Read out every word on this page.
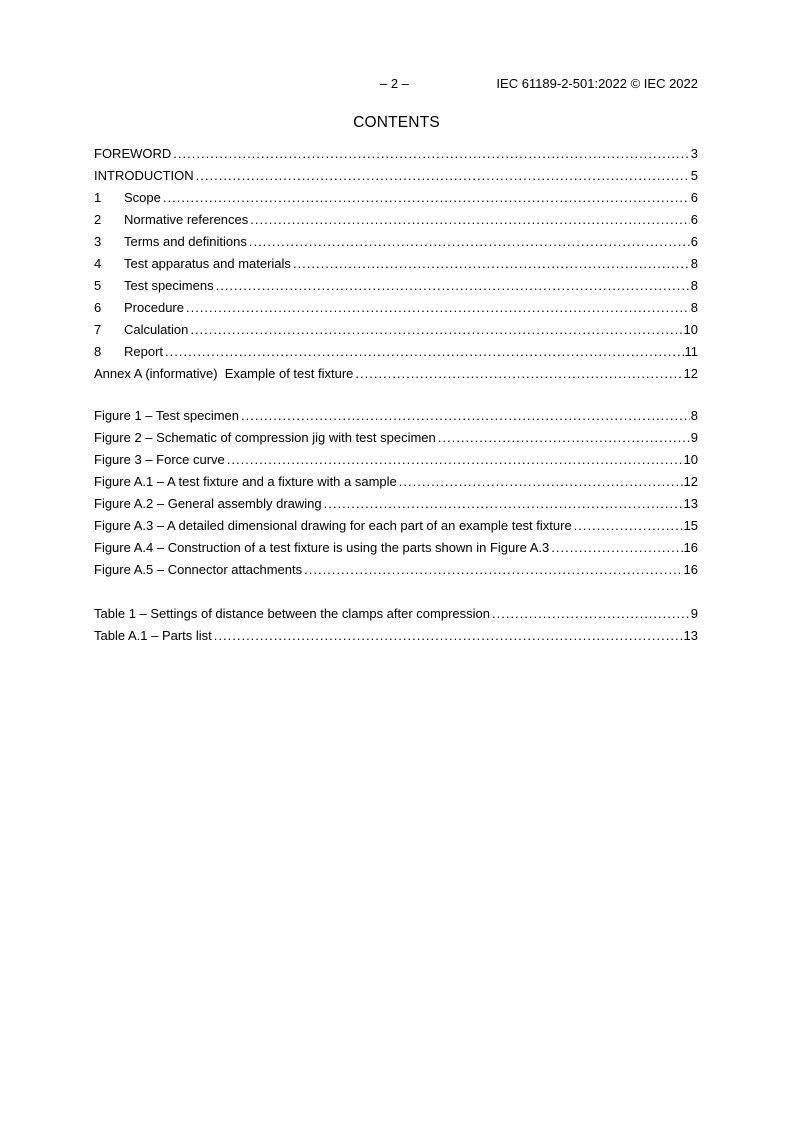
– 2 –	IEC 61189-2-501:2022 © IEC 2022
CONTENTS
FOREWORD .....	3
INTRODUCTION .....	5
1	Scope .....	6
2	Normative references .....	6
3	Terms and definitions .....	6
4	Test apparatus and materials .....	8
5	Test specimens .....	8
6	Procedure .....	8
7	Calculation .....	10
8	Report .....	11
Annex A (informative)  Example of test fixture .....	12
Figure 1 – Test specimen .....	8
Figure 2 – Schematic of compression jig with test specimen .....	9
Figure 3 – Force curve .....	10
Figure A.1 – A test fixture and a fixture with a sample .....	12
Figure A.2 – General assembly drawing .....	13
Figure A.3 – A detailed dimensional drawing for each part of an example test fixture .....	15
Figure A.4 – Construction of a test fixture is using the parts shown in Figure A.3 .....	16
Figure A.5 – Connector attachments .....	16
Table 1 – Settings of distance between the clamps after compression .....	9
Table A.1 – Parts list .....	13
